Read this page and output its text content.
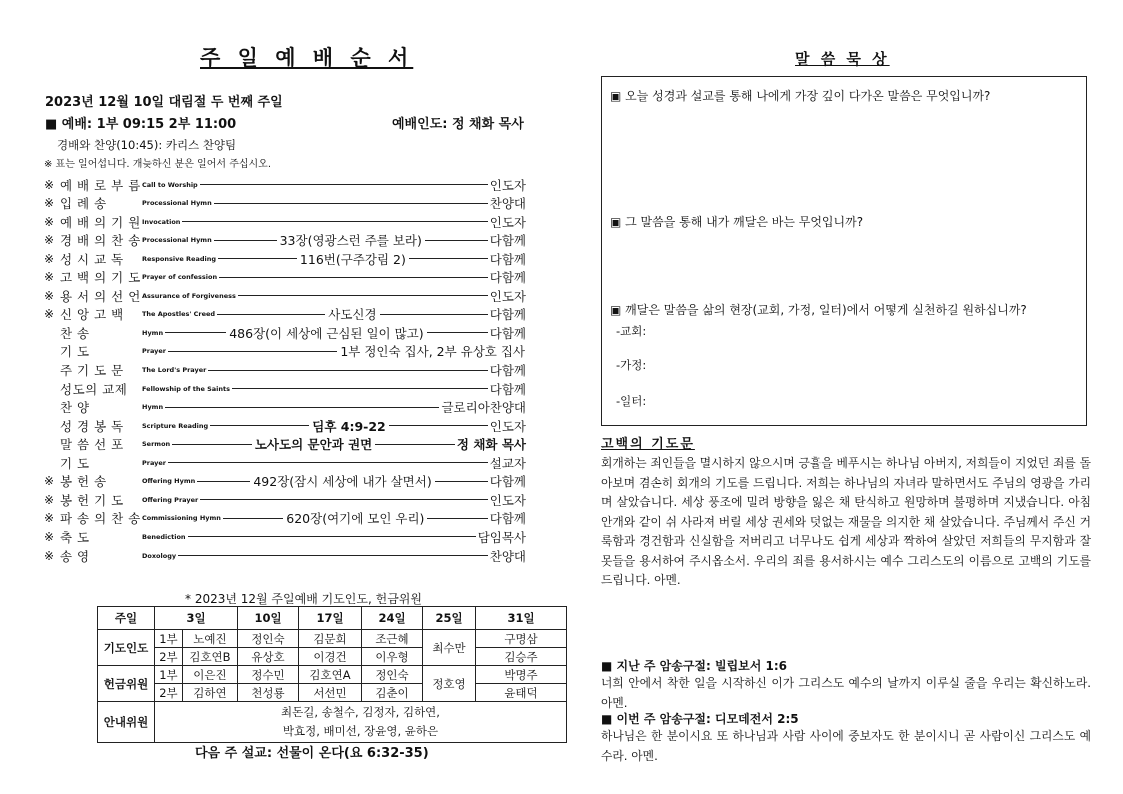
주 일 예 배 순 서
2023년 12월 10일 대림절 두 번째 주일
■ 예배: 1부 09:15 2부 11:00	예배인도: 정 채화 목사
경배와 찬양(10:45): 카리스 찬양팀
※ 표는 일어섭니다. 개늦하신 분은 일어서 주십시오.
※ 예 배 로 부 름 Call to Worship	인도자
※ 입 례 송	Processional Hymn	찬양대
※ 예 배 의 기 원 Invocation	인도자
※ 경 배 의 찬 송 Processional Hymn	33장(영광스런 주를 보라)	다함께
※ 성 시 교 독	Responsive Reading	116번(구주강림 2)	다함께
※ 고 백 의 기 도 Prayer of confession	다함께
※ 용 서 의 선 언 Assurance of Forgiveness	인도자
※ 신 앙 고 백	The Apostles' Creed	사도신경	다함께
찬 송	Hymn	486장(이 세상에 근심된 일이 많고)	다함께
기 도	Prayer	1부 정인숙 집사, 2부 유상호 집사
주 기 도 문	The Lord's Prayer	다함께
성도의 교제	Fellowship of the Saints	다함께
찬 양	Hymn	글로리아찬양대
성 경 봉 독	Scripture Reading	딤후 4:9-22	인도자
말 씀 선 포	Sermon	노사도의 문안과 권면	정 채화 목사
기 도	Prayer	설교자
※ 봉 헌 송	Offering Hymn	492장(잠시 세상에 내가 살면서)	다함께
※ 봉 헌 기 도	Offering Prayer	인도자
※ 파 송 의 찬 송 Commissioning Hymn	620장(여기에 모인 우리)	다함께
※ 축 도	Benediction	담임목사
※ 송 영	Doxology	찬양대
* 2023년 12월 주일예배 기도인도, 헌금위원
주일	3일		10일	17일	24일	25일	31일
기도인도	1부	노예진	정인숙	김문희	조근혜	최수만	구명삼
	2부	김호연B	유상호	이경건	이우형		김승주
헌금위원	1부	이은진	정수민	김호연A	정인숙	정호영	박명주
	2부	김하연	천성룡	서선민	김춘이		윤태덕
안내위원	최돈길, 송철수, 김정자, 김하연,
박효정, 배미선, 장윤영, 윤하은						
다음 주 설교: 선물이 온다(요 6:32-35)
말 씀 묵 상
▣ 오늘 성경과 설교를 통해 나에게 가장 깊이 다가온 말씀은 무엇입니까?
▣ 그 말씀을 통해 내가 깨달은 바는 무엇입니까?
▣ 깨달은 말씀을 삶의 현장(교회, 가정, 일터)에서 어떻게 실천하길 원하십니까?
-교회:
-가정:
-일터:
고백의 기도문
회개하는 죄인들을 멸시하지 않으시며 긍휼을 베푸시는 하나님 아버지, 저희들이 지었던 죄를 돌아보며 겸손히 회개의 기도를 드립니다. 저희는 하나님의 자녀라 말하면서도 주님의 영광을 가리며 살았습니다. 세상 풍조에 밀려 방향을 잃은 채 탄식하고 원망하며 불평하며 지냈습니다. 아침 안개와 같이 쉬 사라져 버릴 세상 권세와 덧없는 재물을 의지한 채 살았습니다. 주님께서 주신 거룩함과 경건함과 신실함을 저버리고 너무나도 쉽게 세상과 짝하여 살았던 저희들의 무지함과 잘못들을 용서하여 주시옵소서. 우리의 죄를 용서하시는 예수 그리스도의 이름으로 고백의 기도를 드립니다. 아멘.
■ 지난 주 암송구절: 빌립보서 1:6
너희 안에서 착한 일을 시작하신 이가 그리스도 예수의 날까지 이루실 줄을 우리는 확신하노라. 아멘.
■ 이번 주 암송구절: 디모데전서 2:5
하나님은 한 분이시요 또 하나님과 사람 사이에 중보자도 한 분이시니 곧 사람이신 그리스도 예수라. 아멘.
